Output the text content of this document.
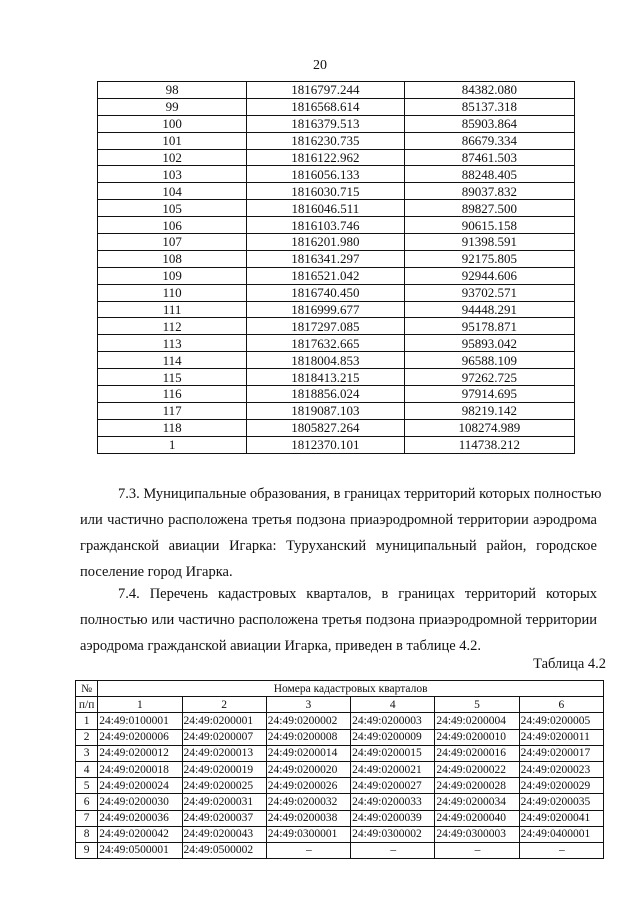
20
98	1816797.244	84382.080
99	1816568.614	85137.318
100	1816379.513	85903.864
101	1816230.735	86679.334
102	1816122.962	87461.503
103	1816056.133	88248.405
104	1816030.715	89037.832
105	1816046.511	89827.500
106	1816103.746	90615.158
107	1816201.980	91398.591
108	1816341.297	92175.805
109	1816521.042	92944.606
110	1816740.450	93702.571
111	1816999.677	94448.291
112	1817297.085	95178.871
113	1817632.665	95893.042
114	1818004.853	96588.109
115	1818413.215	97262.725
116	1818856.024	97914.695
117	1819087.103	98219.142
118	1805827.264	108274.989
1	1812370.101	114738.212
7.3. Муниципальные образования, в границах территорий которых полностью
или частично расположена третья подзона приаэродромной территории аэродрома
гражданской авиации Игарка: Туруханский муниципальный район, городское
поселение город Игарка.
7.4. Перечень кадастровых кварталов, в границах территорий которых
полностью или частично расположена третья подзона приаэродромной территории
аэродрома гражданской авиации Игарка, приведен в таблице 4.2.
Таблица 4.2
№	Номера кадастровых кварталов					
п/п	1	2	3	4	5	6
1	24:49:0100001	24:49:0200001	24:49:0200002	24:49:0200003	24:49:0200004	24:49:0200005
2	24:49:0200006	24:49:0200007	24:49:0200008	24:49:0200009	24:49:0200010	24:49:0200011
3	24:49:0200012	24:49:0200013	24:49:0200014	24:49:0200015	24:49:0200016	24:49:0200017
4	24:49:0200018	24:49:0200019	24:49:0200020	24:49:0200021	24:49:0200022	24:49:0200023
5	24:49:0200024	24:49:0200025	24:49:0200026	24:49:0200027	24:49:0200028	24:49:0200029
6	24:49:0200030	24:49:0200031	24:49:0200032	24:49:0200033	24:49:0200034	24:49:0200035
7	24:49:0200036	24:49:0200037	24:49:0200038	24:49:0200039	24:49:0200040	24:49:0200041
8	24:49:0200042	24:49:0200043	24:49:0300001	24:49:0300002	24:49:0300003	24:49:0400001
9	24:49:0500001	24:49:0500002	–	–	–	–
